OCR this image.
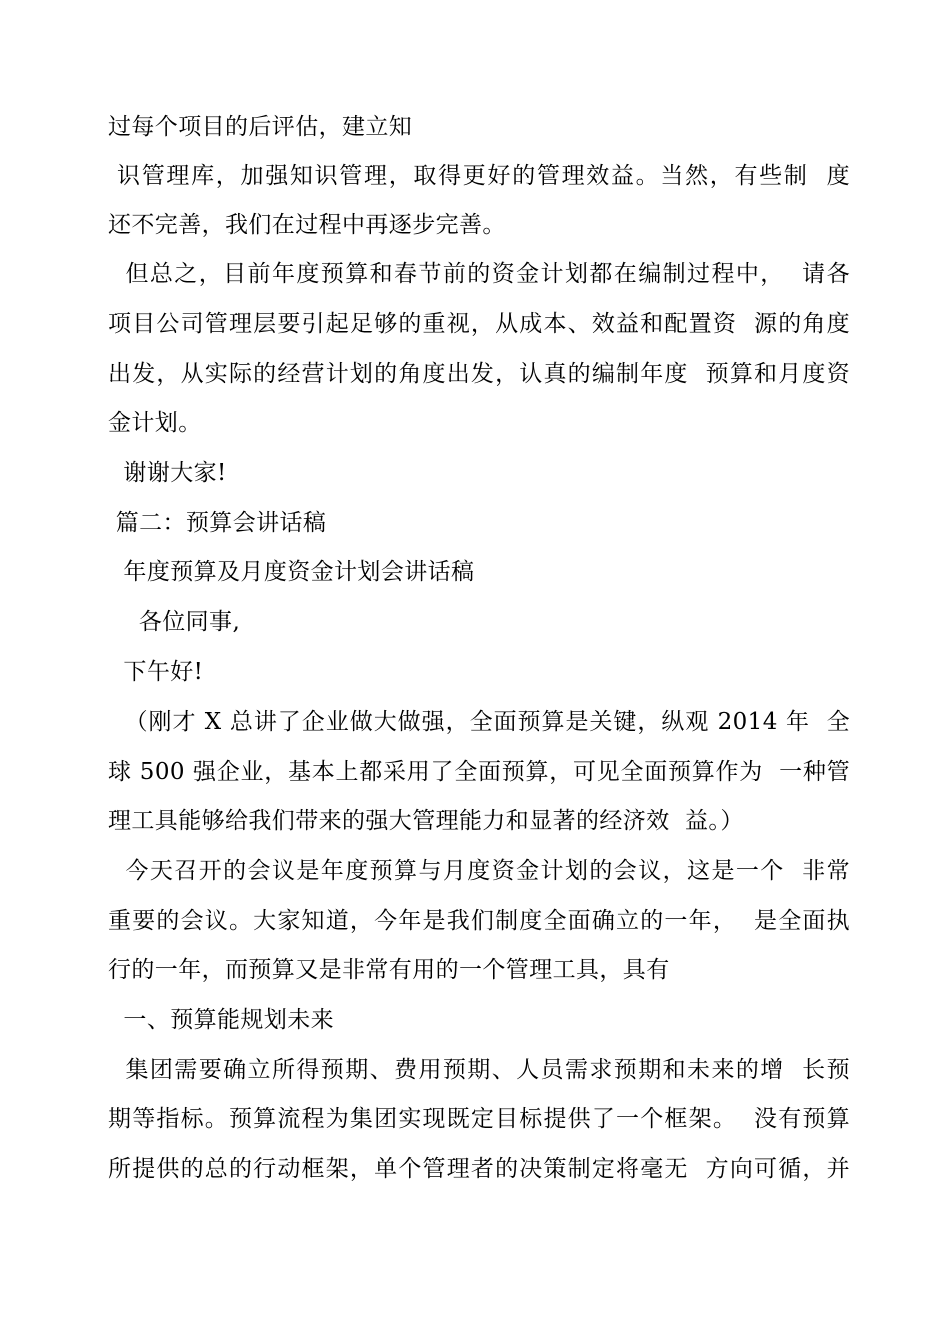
过每个项目的后评估，建立知
识管理库，加强知识管理，取得更好的管理效益。当然，有些制  度
还不完善，我们在过程中再逐步完善。
但总之，目前年度预算和春节前的资金计划都在编制过程中，  请各
项目公司管理层要引起足够的重视，从成本、效益和配置资  源的角度
出发，从实际的经营计划的角度出发，认真的编制年度  预算和月度资
金计划。
谢谢大家!
篇二：预算会讲话稿
年度预算及月度资金计划会讲话稿
各位同事,
下午好!
（刚才 X 总讲了企业做大做强，全面预算是关键，纵观 2014 年  全
球 500 强企业，基本上都采用了全面预算，可见全面预算作为  一种管
理工具能够给我们带来的强大管理能力和显著的经济效  益。）
今天召开的会议是年度预算与月度资金计划的会议，这是一个  非常
重要的会议。大家知道，今年是我们制度全面确立的一年，  是全面执
行的一年，而预算又是非常有用的一个管理工具，具有
一、预算能规划未来
集团需要确立所得预期、费用预期、人员需求预期和未来的增  长预
期等指标。预算流程为集团实现既定目标提供了一个框架。  没有预算
所提供的总的行动框架，单个管理者的决策制定将毫无  方向可循，并
